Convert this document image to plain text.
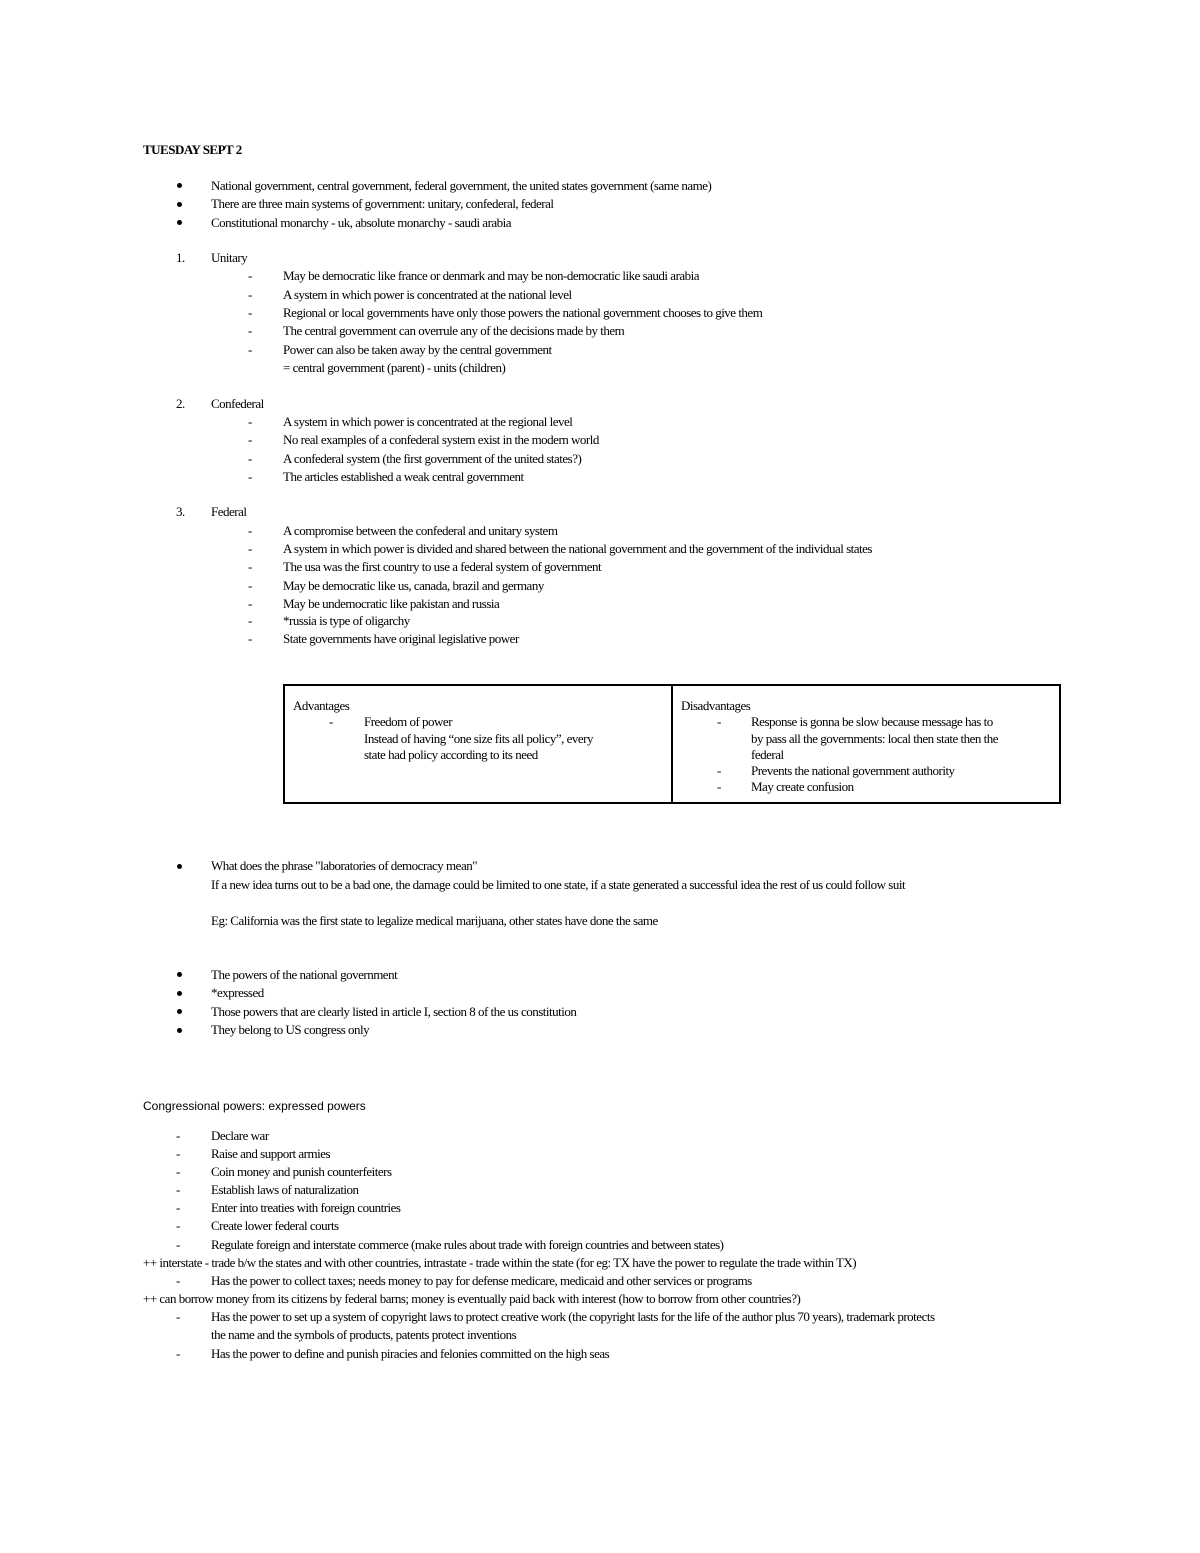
TUESDAY SEPT 2
National government, central government, federal government, the united states government (same name)
There are three main systems of government: unitary, confederal, federal
Constitutional monarchy - uk, absolute monarchy - saudi arabia
1. Unitary
- May be democratic like france or denmark and may be non-democratic like saudi arabia
- A system in which power is concentrated at the national level
- Regional or local governments have only those powers the national government chooses to give them
- The central government can overrule any of the decisions made by them
- Power can also be taken away by the central government
= central government (parent) - units (children)
2. Confederal
- A system in which power is concentrated at the regional level
- No real examples of a confederal system exist in the modern world
- A confederal system (the first government of the united states?)
- The articles established a weak central government
3. Federal
- A compromise between the confederal and unitary system
- A system in which power is divided and shared between the national government and the government of the individual states
- The usa was the first country to use a federal system of government
- May be democratic like us, canada, brazil and germany
- May be undemocratic like pakistan and russia
- *russia is type of oligarchy
- State governments have original legislative power
Advantages
- Freedom of power
Instead of having “one size fits all policy”, every
state had policy according to its need

Disadvantages
- Response is gonna be slow because message has to
by pass all the governments: local then state then the
federal
- Prevents the national government authority
- May create confusion
What does the phrase "laboratories of democracy mean"
If a new idea turns out to be a bad one, the damage could be limited to one state, if a state generated a successful idea the rest of us could follow suit
Eg: California was the first state to legalize medical marijuana, other states have done the same
The powers of the national government
*expressed
Those powers that are clearly listed in article I, section 8 of the us constitution
They belong to US congress only
Congressional powers: expressed powers
- Declare war
- Raise and support armies
- Coin money and punish counterfeiters
- Establish laws of naturalization
- Enter into treaties with foreign countries
- Create lower federal courts
- Regulate foreign and interstate commerce (make rules about trade with foreign countries and between states)
++ interstate - trade b/w the states and with other countries, intrastate - trade within the state (for eg: TX have the power to regulate the trade within TX)
- Has the power to collect taxes; needs money to pay for defense medicare, medicaid and other services or programs
++ can borrow money from its citizens by federal barns; money is eventually paid back with interest (how to borrow from other countries?)
- Has the power to set up a system of copyright laws to protect creative work (the copyright lasts for the life of the author plus 70 years), trademark protects
the name and the symbols of products, patents protect inventions
- Has the power to define and punish piracies and felonies committed on the high seas
